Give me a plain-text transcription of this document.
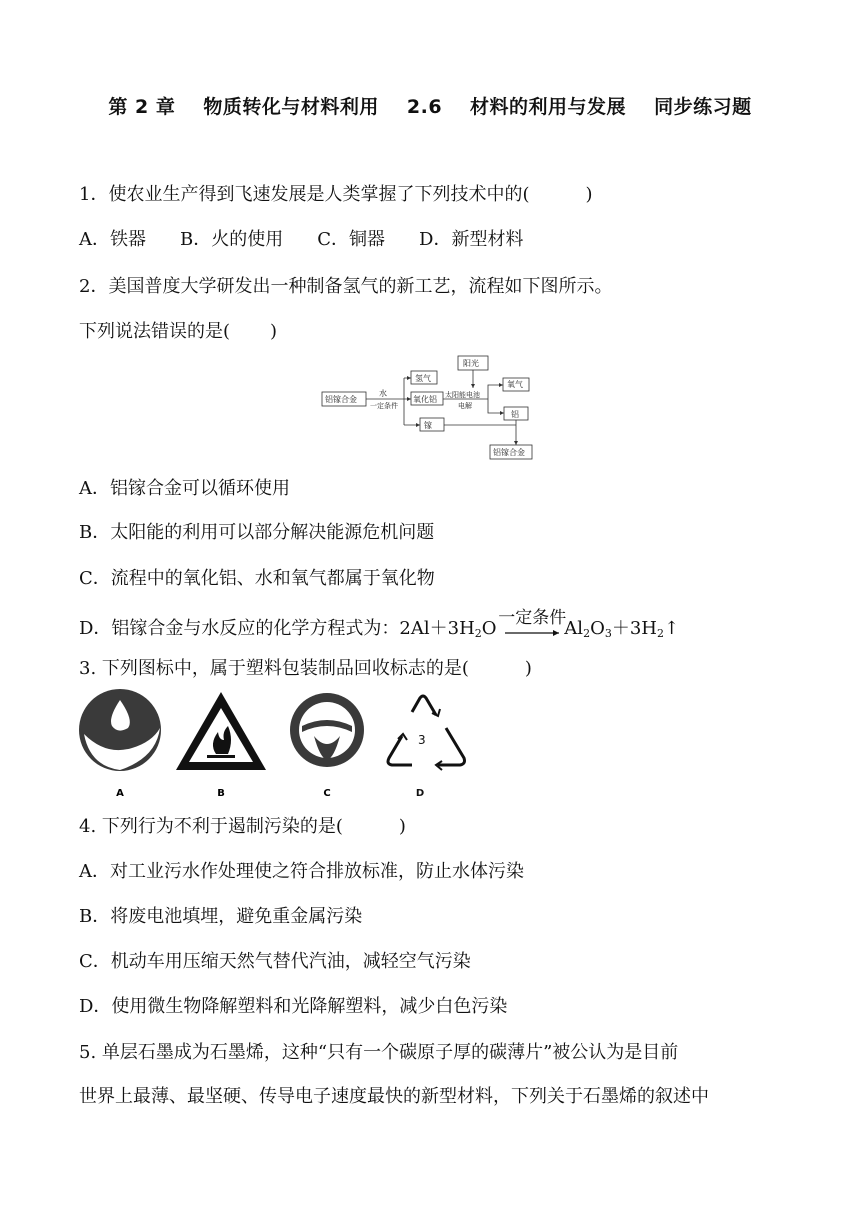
第 2 章 物质转化与材料利用 2.6 材料的利用与发展 同步练习题
1．使农业生产得到飞速发展是人类掌握了下列技术中的(	)
A．铁器 B．火的使用 C．铜器 D．新型材料
2．美国普度大学研发出一种制备氢气的新工艺，流程如下图所示。
下列说法错误的是( )
铝镓合金
水
一定条件
氢气
氧化铝
镓
阳光
太阳能电池
电解
氧气
铝
铝镓合金
A．铝镓合金可以循环使用
B．太阳能的利用可以部分解决能源危机问题
C．流程中的氧化铝、水和氧气都属于氧化物
D．铝镓合金与水反应的化学方程式为：$2Al+3H_2O$ 一定条件
$Al_2O_3+3H_2↑$
3. 下列图标中，属于塑料包装制品回收标志的是(	)
A	B	C
3
D
4. 下列行为不利于遏制污染的是(	)
A．对工业污水作处理使之符合排放标准，防止水体污染
B．将废电池填埋，避免重金属污染
C．机动车用压缩天然气替代汽油，减轻空气污染
D．使用微生物降解塑料和光降解塑料，减少白色污染
5. 单层石墨成为石墨烯，这种“只有一个碳原子厚的碳薄片”被公认为是目前
世界上最薄、最坚硬、传导电子速度最快的新型材料，下列关于石墨烯的叙述中
